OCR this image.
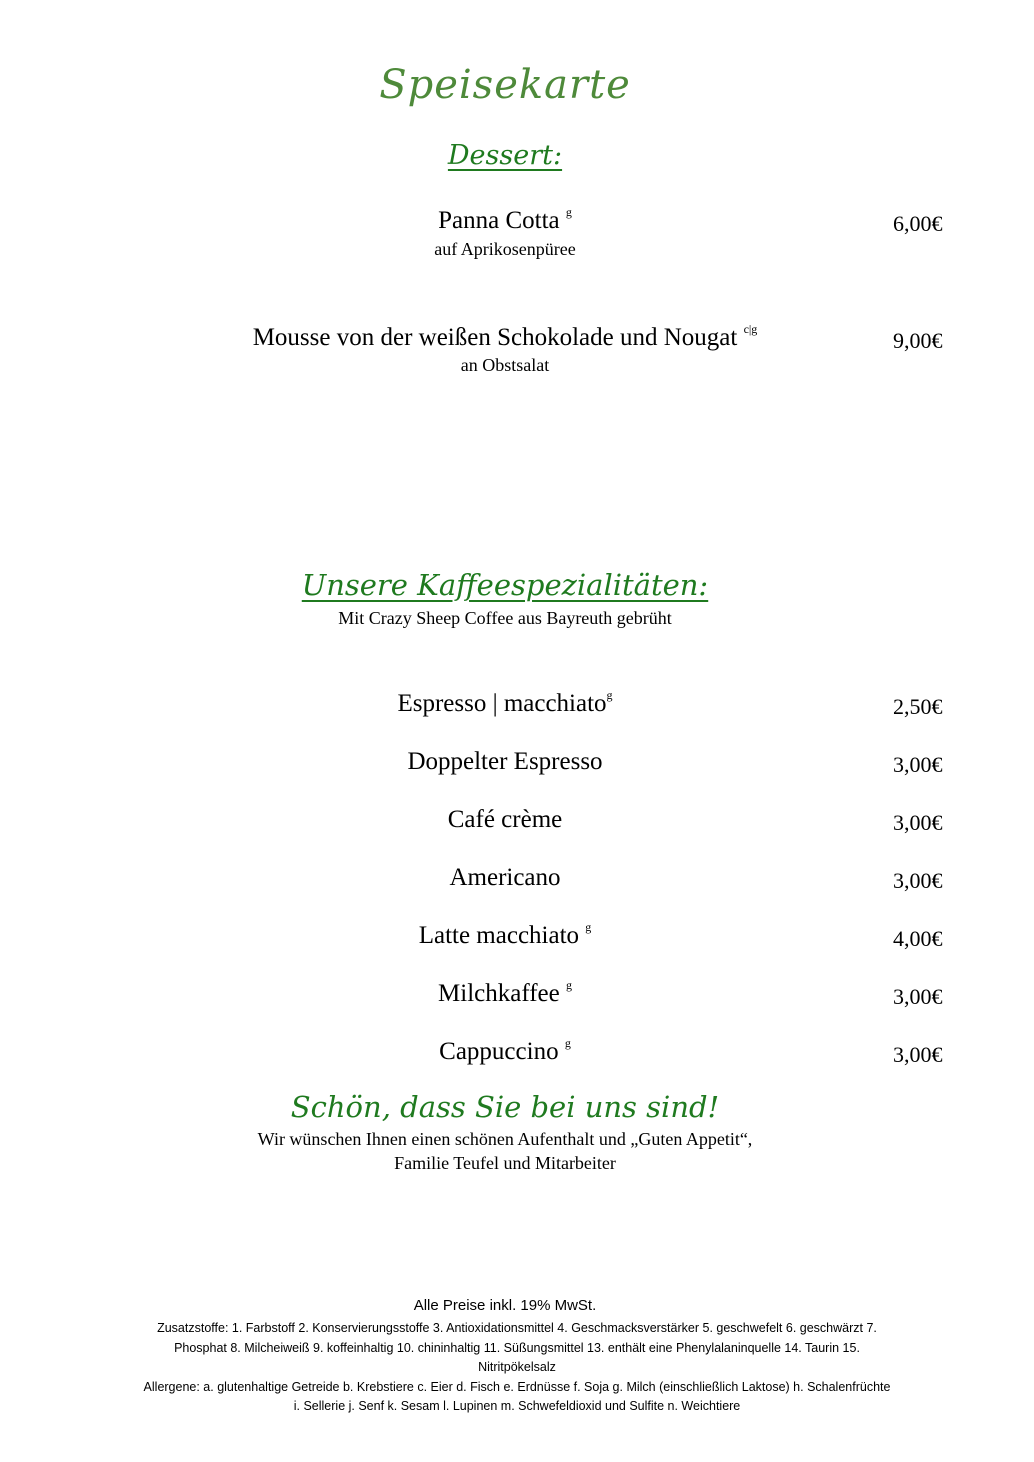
Speisekarte
Dessert:
Panna Cotta $^g$
auf Aprikosenpüree
6,00€
Mousse von der weißen Schokolade und Nougat $^{c|g}$
an Obstsalat
9,00€
Unsere Kaffeespezialitäten:
Mit Crazy Sheep Coffee aus Bayreuth gebrüht
Espresso | macchiato$^g$	2,50€
Doppelter Espresso	3,00€
Café crème	3,00€
Americano	3,00€
Latte macchiato $^g$	4,00€
Milchkaffee $^g$	3,00€
Cappuccino $^g$	3,00€
Schön, dass Sie bei uns sind!
Wir wünschen Ihnen einen schönen Aufenthalt und „Guten Appetit“,
Familie Teufel und Mitarbeiter
Alle Preise inkl. 19% MwSt.
Zusatzstoffe: 1. Farbstoff 2. Konservierungsstoffe 3. Antioxidationsmittel 4. Geschmacksverstärker 5. geschwefelt 6. geschwärzt 7. Phosphat 8. Milcheiweiß 9. koffeinhaltig 10. chininhaltig 11. Süßungsmittel 13. enthält eine Phenylalaninquelle 14. Taurin 15. Nitritpökelsalz
Allergene: a. glutenhaltige Getreide b. Krebstiere c. Eier d. Fisch e. Erdnüsse f. Soja g. Milch (einschließlich Laktose) h. Schalenfrüchte i. Sellerie j. Senf k. Sesam l. Lupinen m. Schwefeldioxid und Sulfite n. Weichtiere
